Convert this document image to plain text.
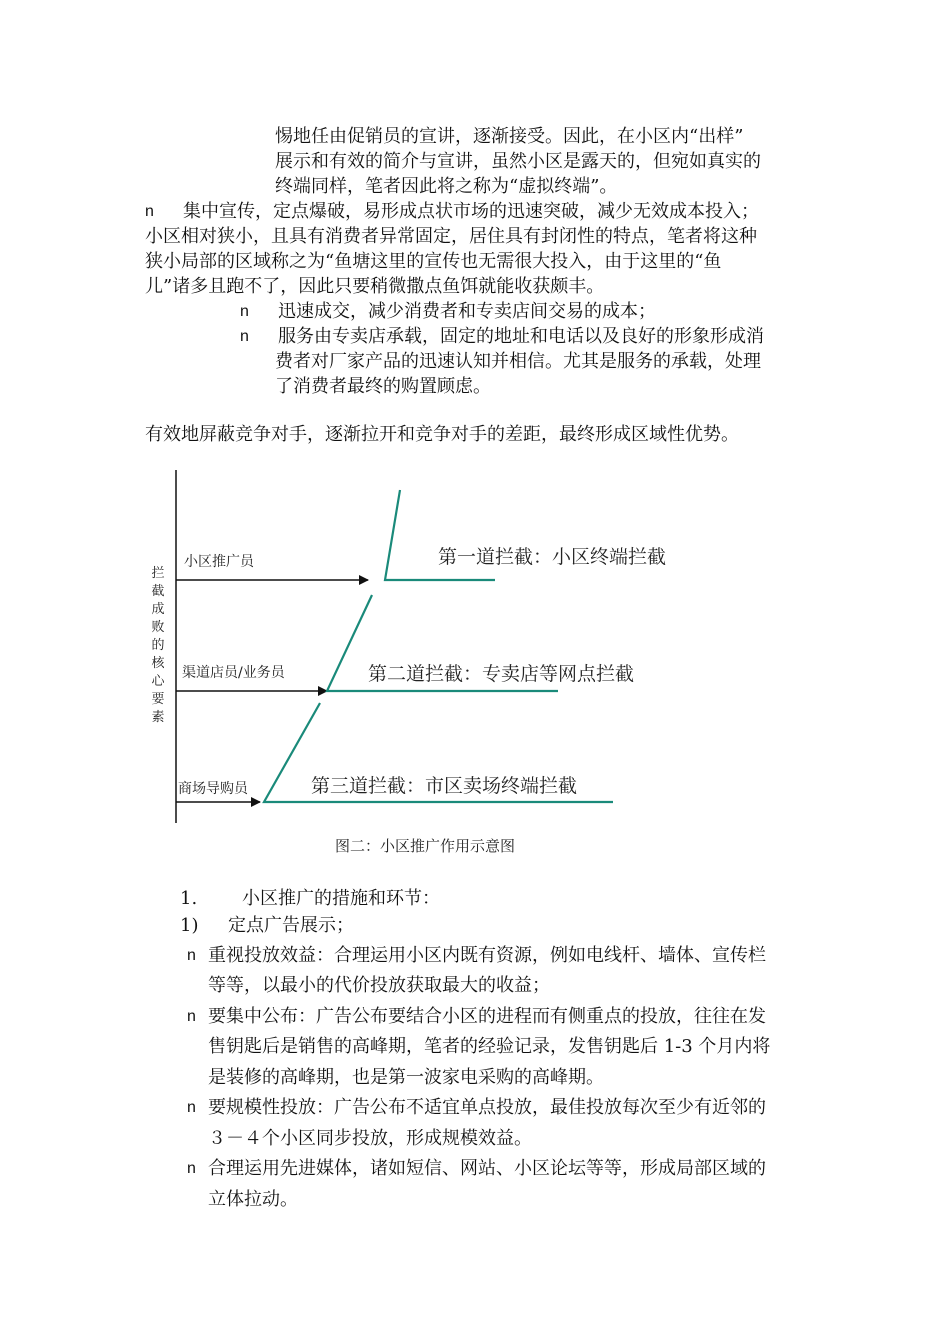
惕地任由促销员的宣讲，逐渐接受。因此，在小区内“出样”
展示和有效的简介与宣讲，虽然小区是露天的，但宛如真实的
终端同样，笔者因此将之称为“虚拟终端”。
n 集中宣传，定点爆破，易形成点状市场的迅速突破，减少无效成本投入；
小区相对狭小，且具有消费者异常固定，居住具有封闭性的特点，笔者将这种
狭小局部的区域称之为“鱼塘这里的宣传也无需很大投入，由于这里的“鱼
儿”诸多且跑不了，因此只要稍微撒点鱼饵就能收获颇丰。
n 迅速成交，减少消费者和专卖店间交易的成本；
n 服务由专卖店承载，固定的地址和电话以及良好的形象形成消
费者对厂家产品的迅速认知并相信。尤其是服务的承载，处理
了消费者最终的购置顾虑。
有效地屏蔽竞争对手，逐渐拉开和竞争对手的差距，最终形成区域性优势。
拦
截
成
败
的
核
心
要
素
小区推广员
渠道店员/业务员
商场导购员
第一道拦截：小区终端拦截
第二道拦截：专卖店等网点拦截
第三道拦截：市区卖场终端拦截
图二：小区推广作用示意图
1. 小区推广的措施和环节：
1) 定点广告展示；
n 重视投放效益：合理运用小区内既有资源，例如电线杆、墙体、宣传栏
等等，以最小的代价投放获取最大的收益；
n 要集中公布：广告公布要结合小区的进程而有侧重点的投放，往往在发
售钥匙后是销售的高峰期，笔者的经验记录，发售钥匙后 1-3 个月内将
是装修的高峰期，也是第一波家电采购的高峰期。
n 要规模性投放：广告公布不适宜单点投放，最佳投放每次至少有近邻的
３－４个小区同步投放，形成规模效益。
n 合理运用先进媒体，诸如短信、网站、小区论坛等等，形成局部区域的
立体拉动。
